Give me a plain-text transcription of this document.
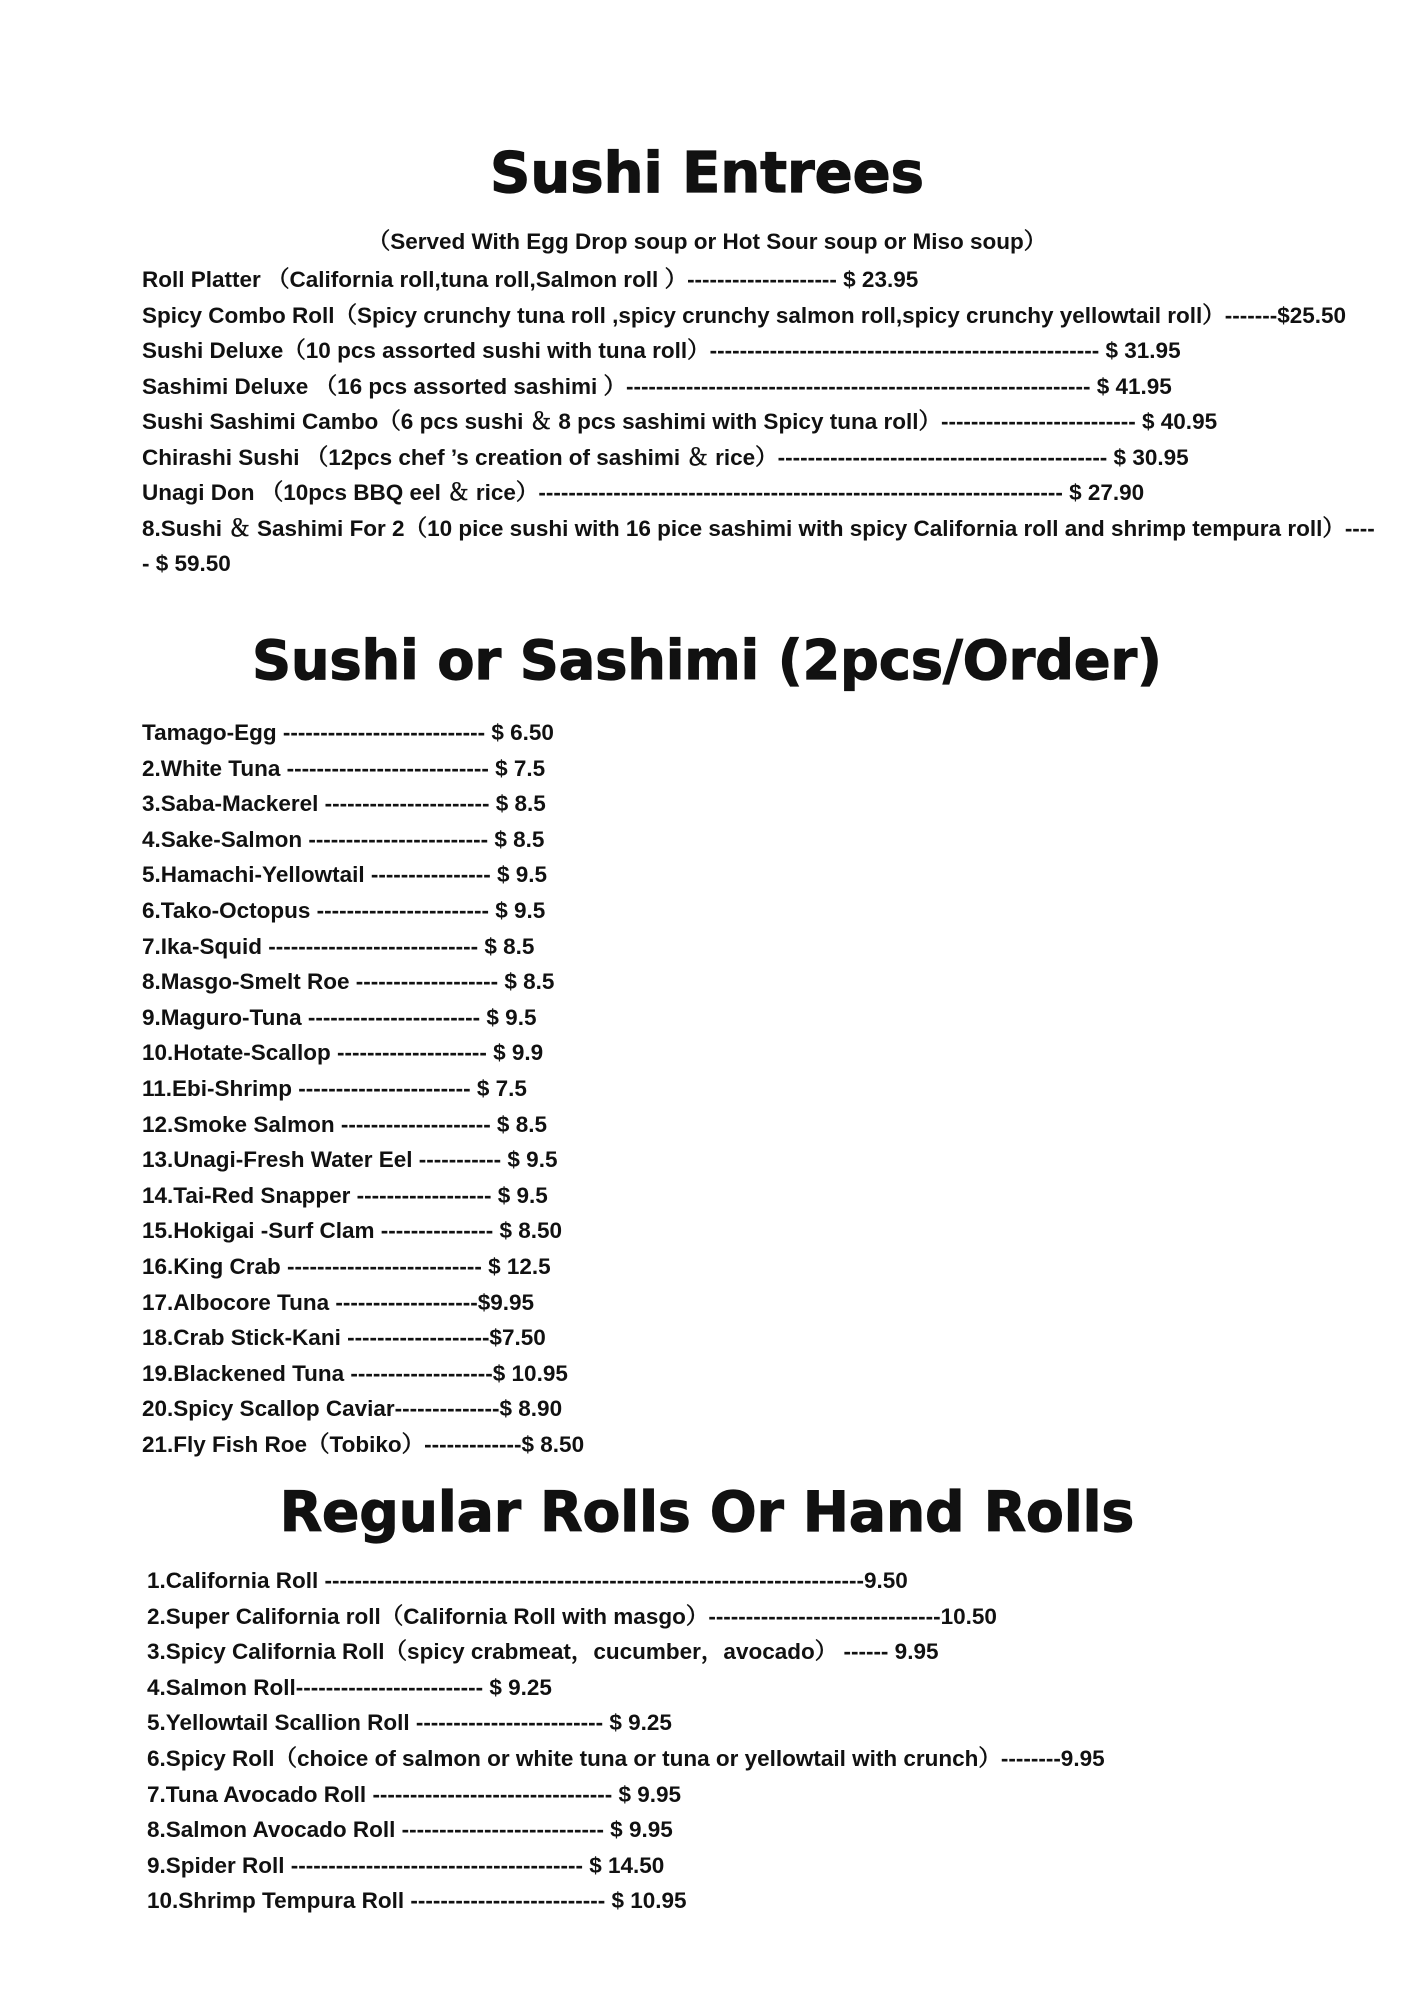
Sushi Entrees

（Served With Egg Drop soup or Hot Sour soup or Miso soup）

Roll Platter （California roll,tuna roll,Salmon roll ）-------------------- $ 23.95
Spicy Combo Roll（Spicy crunchy tuna roll ,spicy crunchy salmon roll,spicy crunchy yellowtail roll）-------$25.50
Sushi Deluxe（10 pcs assorted sushi with tuna roll）---------------------------------------------------- $ 31.95
Sashimi Deluxe （16 pcs assorted sashimi ）-------------------------------------------------------------- $ 41.95
Sushi Sashimi Cambo（6 pcs sushi ＆ 8 pcs sashimi with Spicy tuna roll）-------------------------- $ 40.95
Chirashi Sushi （12pcs chef ’s creation of sashimi ＆ rice）-------------------------------------------- $ 30.95
Unagi Don （10pcs BBQ eel ＆ rice）---------------------------------------------------------------------- $ 27.90
8.Sushi ＆ Sashimi For 2（10 pice sushi with 16 pice sashimi with spicy California roll and shrimp tempura roll）----- $ 59.50
Sushi or Sashimi (2pcs/Order)
Tamago-Egg --------------------------- $ 6.50
2.White Tuna --------------------------- $ 7.5
3.Saba-Mackerel ---------------------- $ 8.5
4.Sake-Salmon ------------------------ $ 8.5
5.Hamachi-Yellowtail ---------------- $ 9.5
6.Tako-Octopus ----------------------- $ 9.5
7.Ika-Squid ---------------------------- $ 8.5
8.Masgo-Smelt Roe ------------------- $ 8.5
9.Maguro-Tuna ----------------------- $ 9.5
10.Hotate-Scallop -------------------- $ 9.9
11.Ebi-Shrimp ----------------------- $ 7.5
12.Smoke Salmon -------------------- $ 8.5
13.Unagi-Fresh Water Eel ----------- $ 9.5
14.Tai-Red Snapper ------------------ $ 9.5
15.Hokigai -Surf Clam --------------- $ 8.50
16.King Crab -------------------------- $ 12.5
17.Albocore Tuna -------------------$9.95
18.Crab Stick-Kani -------------------$7.50
19.Blackened Tuna -------------------$ 10.95
20.Spicy Scallop Caviar--------------$ 8.90
21.Fly Fish Roe（Tobiko）-------------$ 8.50
Regular Rolls Or Hand Rolls
1.California Roll ------------------------------------------------------------------------9.50
2.Super California roll（California Roll with masgo）-------------------------------10.50
3.Spicy California Roll（spicy crabmeat，cucumber，avocado） ------ 9.95
4.Salmon Roll------------------------- $ 9.25
5.Yellowtail Scallion Roll ------------------------- $ 9.25
6.Spicy Roll（choice of salmon or white tuna or tuna or yellowtail with crunch）--------9.95
7.Tuna Avocado Roll -------------------------------- $ 9.95
8.Salmon Avocado Roll --------------------------- $ 9.95
9.Spider Roll --------------------------------------- $ 14.50
10.Shrimp Tempura Roll -------------------------- $ 10.95
